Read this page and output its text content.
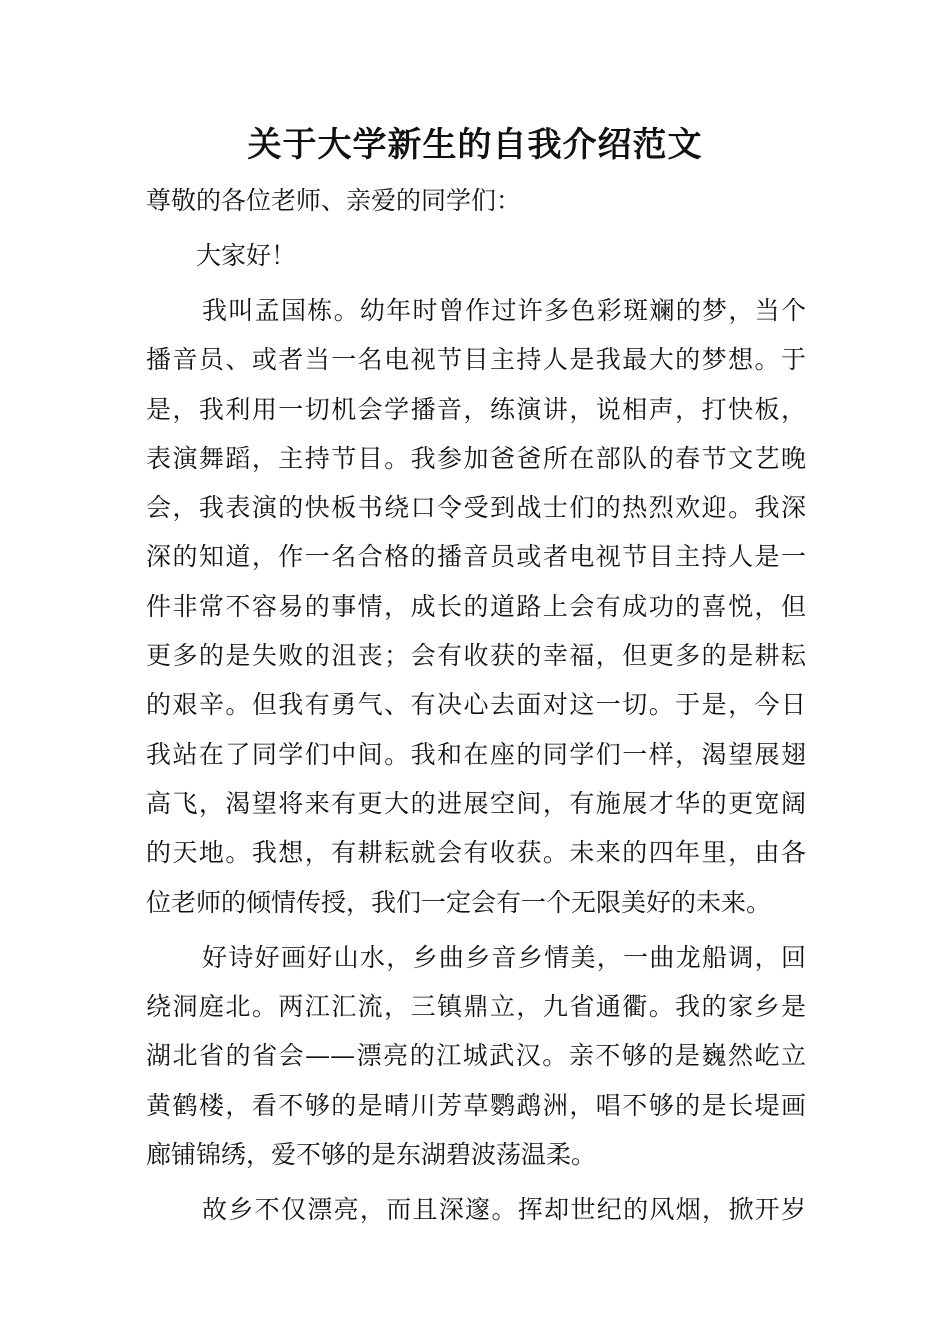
关于大学新生的自我介绍范文
尊敬的各位老师、亲爱的同学们：
大家好！
我叫孟国栋。幼年时曾作过许多色彩斑斓的梦，当个
播音员、或者当一名电视节目主持人是我最大的梦想。于
是，我利用一切机会学播音，练演讲，说相声，打快板，
表演舞蹈，主持节目。我参加爸爸所在部队的春节文艺晚
会，我表演的快板书绕口令受到战士们的热烈欢迎。我深
深的知道，作一名合格的播音员或者电视节目主持人是一
件非常不容易的事情，成长的道路上会有成功的喜悦，但
更多的是失败的沮丧；会有收获的幸福，但更多的是耕耘
的艰辛。但我有勇气、有决心去面对这一切。于是，今日
我站在了同学们中间。我和在座的同学们一样，渴望展翅
高飞，渴望将来有更大的进展空间，有施展才华的更宽阔
的天地。我想，有耕耘就会有收获。未来的四年里，由各
位老师的倾情传授，我们一定会有一个无限美好的未来。
好诗好画好山水，乡曲乡音乡情美，一曲龙船调，回
绕洞庭北。两江汇流，三镇鼎立，九省通衢。我的家乡是
湖北省的省会——漂亮的江城武汉。亲不够的是巍然屹立
黄鹤楼，看不够的是晴川芳草鹦鹉洲，唱不够的是长堤画
廊铺锦绣，爱不够的是东湖碧波荡温柔。
故乡不仅漂亮，而且深邃。挥却世纪的风烟，掀开岁
